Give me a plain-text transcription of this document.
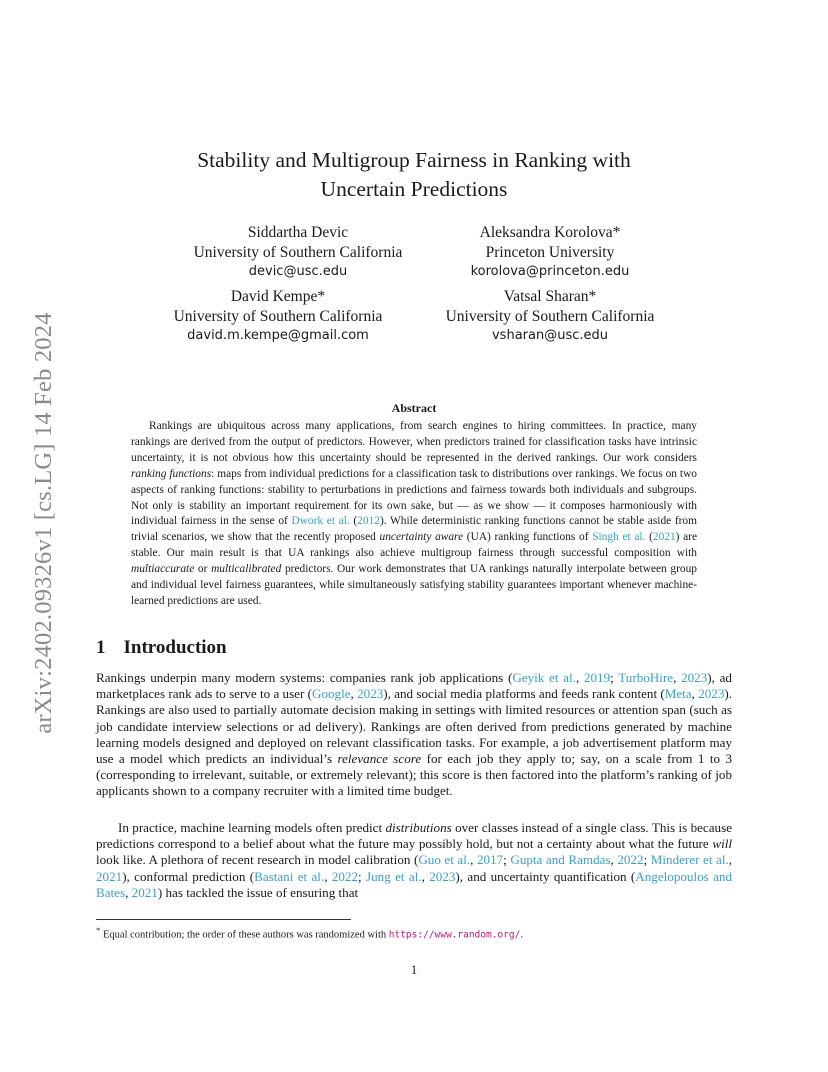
arXiv:2402.09326v1 [cs.LG] 14 Feb 2024
Stability and Multigroup Fairness in Ranking with
Uncertain Predictions
Siddartha Devic
University of Southern California
devic@usc.edu
Aleksandra Korolova*
Princeton University
korolova@princeton.edu
David Kempe*
University of Southern California
david.m.kempe@gmail.com
Vatsal Sharan*
University of Southern California
vsharan@usc.edu
Abstract

Rankings are ubiquitous across many applications, from search engines to hiring committees. In practice, many rankings are derived from the output of predictors. However, when predictors trained for classification tasks have intrinsic uncertainty, it is not obvious how this uncertainty should be represented in the derived rankings. Our work considers ranking functions: maps from individual predictions for a classification task to distributions over rankings. We focus on two aspects of ranking functions: stability to perturbations in predictions and fairness towards both individuals and subgroups. Not only is stability an important requirement for its own sake, but — as we show — it composes harmoniously with individual fairness in the sense of Dwork et al. (2012). While deterministic ranking functions cannot be stable aside from trivial scenarios, we show that the recently proposed uncertainty aware (UA) ranking functions of Singh et al. (2021) are stable. Our main result is that UA rankings also achieve multigroup fairness through successful composition with multiaccurate or multicalibrated predictors. Our work demonstrates that UA rankings naturally interpolate between group and individual level fairness guarantees, while simultaneously satisfying stability guarantees important whenever machine-learned predictions are used.

1 Introduction

Rankings underpin many modern systems: companies rank job applications (Geyik et al., 2019; TurboHire, 2023), ad marketplaces rank ads to serve to a user (Google, 2023), and social media platforms and feeds rank content (Meta, 2023). Rankings are also used to partially automate decision making in settings with limited resources or attention span (such as job candidate interview selections or ad delivery). Rankings are often derived from predictions generated by machine learning models designed and deployed on relevant classification tasks. For example, a job advertisement platform may use a model which predicts an individual’s relevance score for each job they apply to; say, on a scale from 1 to 3 (corresponding to irrelevant, suitable, or extremely relevant); this score is then factored into the platform’s ranking of job applicants shown to a company recruiter with a limited time budget.

In practice, machine learning models often predict distributions over classes instead of a single class. This is because predictions correspond to a belief about what the future may possibly hold, but not a certainty about what the future will look like. A plethora of recent research in model calibration (Guo et al., 2017; Gupta and Ramdas, 2022; Minderer et al., 2021), conformal prediction (Bastani et al., 2022; Jung et al., 2023), and uncertainty quantification (Angelopoulos and Bates, 2021) has tackled the issue of ensuring that

* Equal contribution; the order of these authors was randomized with https://www.random.org/.
1
